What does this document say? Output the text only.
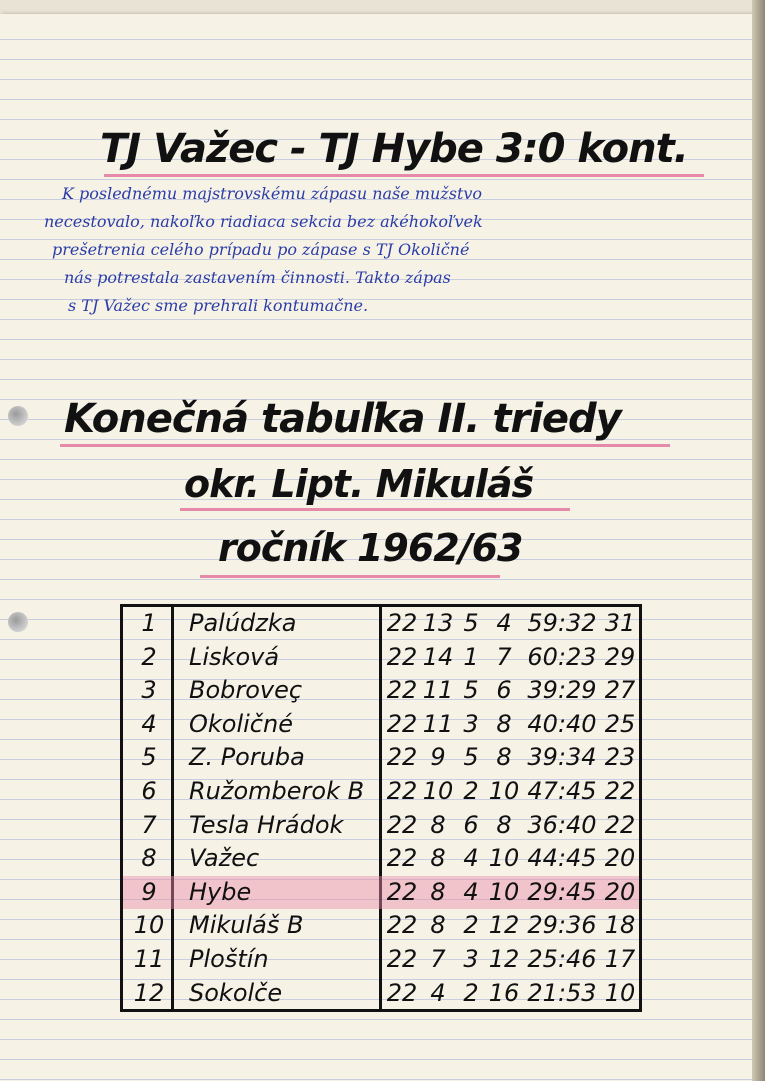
TJ Važec - TJ Hybe 3:0 kont.
K poslednému majstrovskému zápasu naše mužstvo
necestovalo, nakoľko riadiaca sekcia bez akéhokoľvek
prešetrenia celého prípadu po zápase s TJ Okoličné
nás potrestala zastavením činnosti. Takto zápas
s TJ Važec sme prehrali kontumačne.
Konečná tabuľka II. triedy
okr. Lipt. Mikuláš
ročník 1962/63
1	Palúdzka	22 13 5 4 59:32 31
2	Lisková	22 14 1 7 60:23 29
3	Bobroveç	22 11 5 6 39:29 27
4	Okoličné	22 11 3 8 40:40 25
5	Z. Poruba	22 9 5 8 39:34 23
6	Ružomberok B 22 10 2 10 47:45 22
7	Tesla Hrádok 22 8 6 8 36:40 22
8	Važec	22 8 4 10 44:45 20
9	Hybe	22 8 4 10 29:45 20
10 Mikuláš B	22 8 2 12 29:36 18
11 Ploštín	22 7 3 12 25:46 17
12 Sokolče	22 4 2 16 21:53 10
